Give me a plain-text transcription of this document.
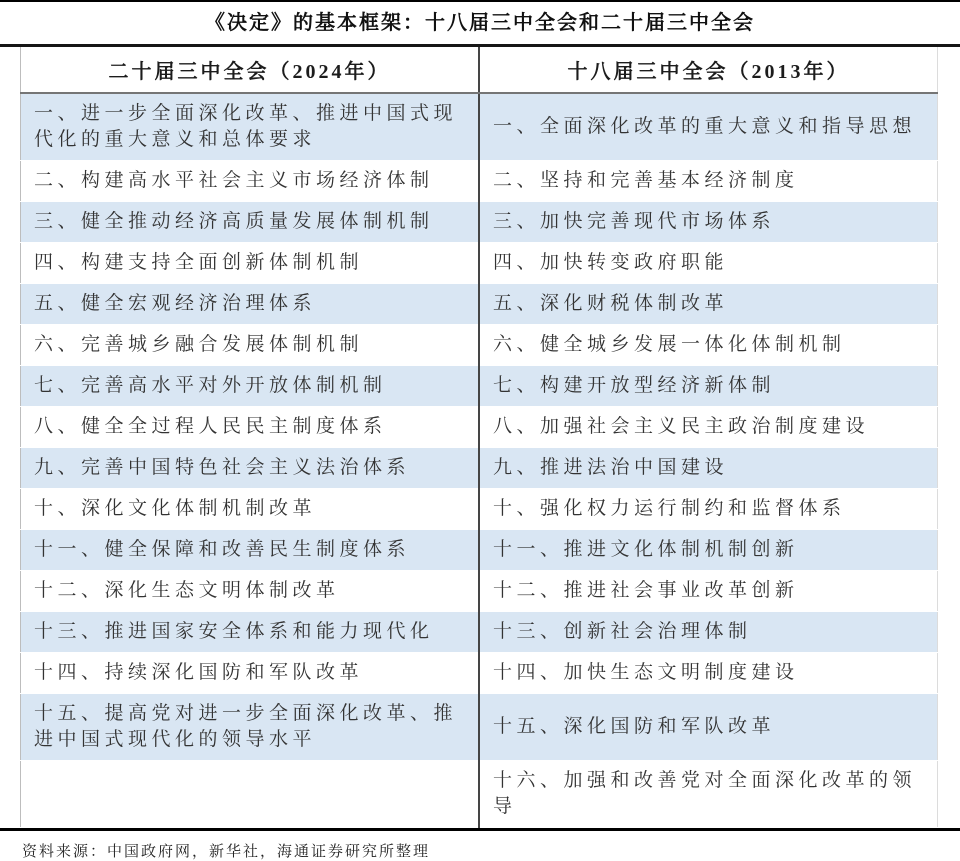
《决定》的基本框架：十八届三中全会和二十届三中全会
二十届三中全会（2024年）	十八届三中全会（2013年）
一、进一步全面深化改革、推进中国式现代化的重大意义和总体要求	一、全面深化改革的重大意义和指导思想
二、构建高水平社会主义市场经济体制	二、坚持和完善基本经济制度
三、健全推动经济高质量发展体制机制	三、加快完善现代市场体系
四、构建支持全面创新体制机制	四、加快转变政府职能
五、健全宏观经济治理体系	五、深化财税体制改革
六、完善城乡融合发展体制机制	六、健全城乡发展一体化体制机制
七、完善高水平对外开放体制机制	七、构建开放型经济新体制
八、健全全过程人民民主制度体系	八、加强社会主义民主政治制度建设
九、完善中国特色社会主义法治体系	九、推进法治中国建设
十、深化文化体制机制改革	十、强化权力运行制约和监督体系
十一、健全保障和改善民生制度体系	十一、推进文化体制机制创新
十二、深化生态文明体制改革	十二、推进社会事业改革创新
十三、推进国家安全体系和能力现代化	十三、创新社会治理体制
十四、持续深化国防和军队改革	十四、加快生态文明制度建设
十五、提高党对进一步全面深化改革、推进中国式现代化的领导水平	十五、深化国防和军队改革
	十六、加强和改善党对全面深化改革的领导
资料来源：中国政府网，新华社，海通证券研究所整理
